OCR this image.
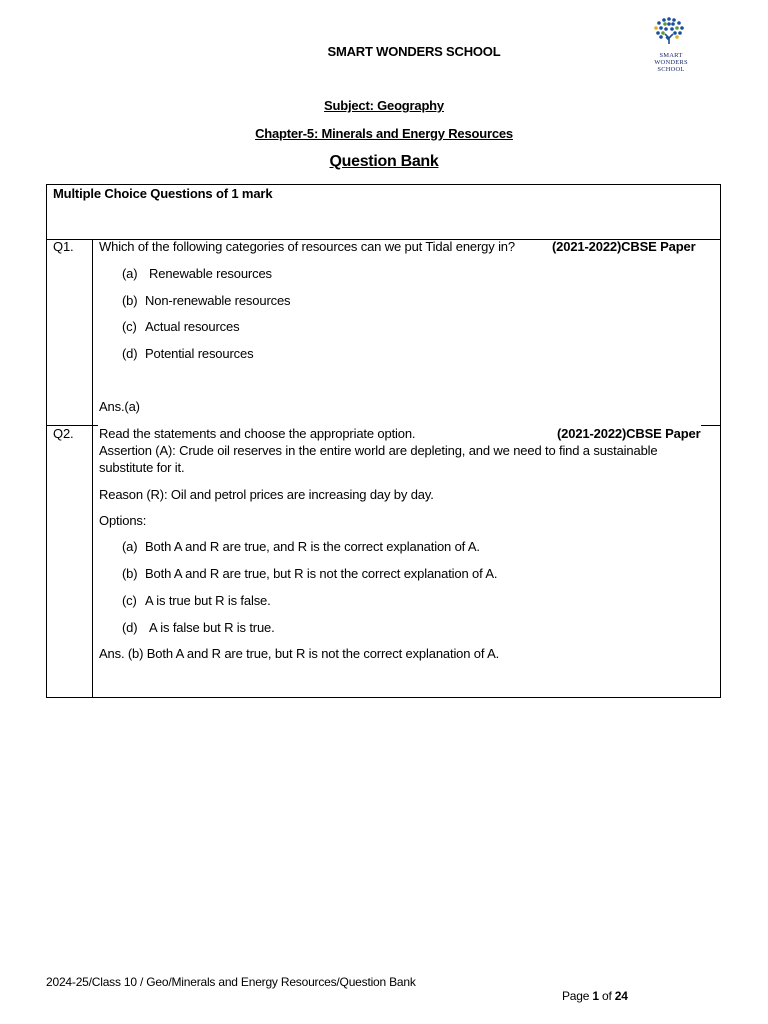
SMART
WONDERS
SCHOOL
SMART WONDERS SCHOOL
Subject: Geography
Chapter-5: Minerals and Energy Resources
Question Bank
Multiple Choice Questions of 1 mark
Q1. Which of the following categories of resources can we put Tidal energy in?	(2021-2022)CBSE Paper
(a) Renewable resources
(b) Non-renewable resources
(c) Actual resources
(d) Potential resources
Ans.(a)
Q2. Read the statements and choose the appropriate option.	(2021-2022)CBSE Paper
Assertion (A): Crude oil reserves in the entire world are depleting, and we need to find a sustainable substitute for it.
Reason (R): Oil and petrol prices are increasing day by day.
Options:
(a) Both A and R are true, and R is the correct explanation of A.
(b) Both A and R are true, but R is not the correct explanation of A.
(c) A is true but R is false.
(d) A is false but R is true.
Ans. (b) Both A and R are true, but R is not the correct explanation of A.
2024-25/Class 10 / Geo/Minerals and Energy Resources/Question Bank
Page 1 of 24
